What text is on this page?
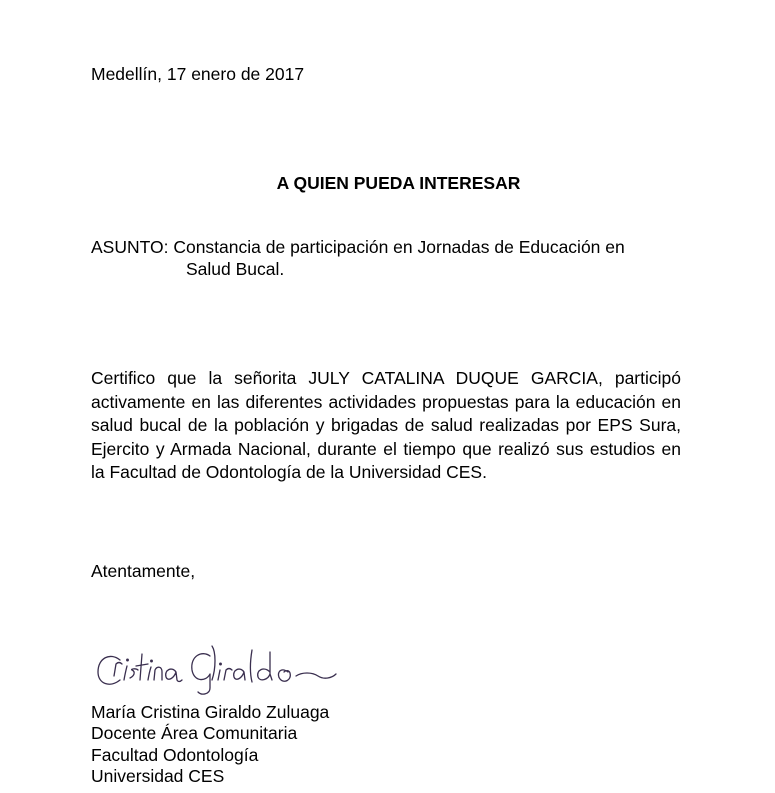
Medellín, 17 enero de 2017
A QUIEN PUEDA INTERESAR
ASUNTO: Constancia de participación en Jornadas de Educación en
Salud Bucal.
Certifico que la señorita JULY CATALINA DUQUE GARCIA, participó activamente en las diferentes actividades propuestas para la educación en salud bucal de la población y brigadas de salud realizadas por EPS Sura, Ejercito y Armada Nacional, durante el tiempo que realizó sus estudios en la Facultad de Odontología de la Universidad CES.
Atentamente,
María Cristina Giraldo Zuluaga
Docente Área Comunitaria
Facultad Odontología
Universidad CES
